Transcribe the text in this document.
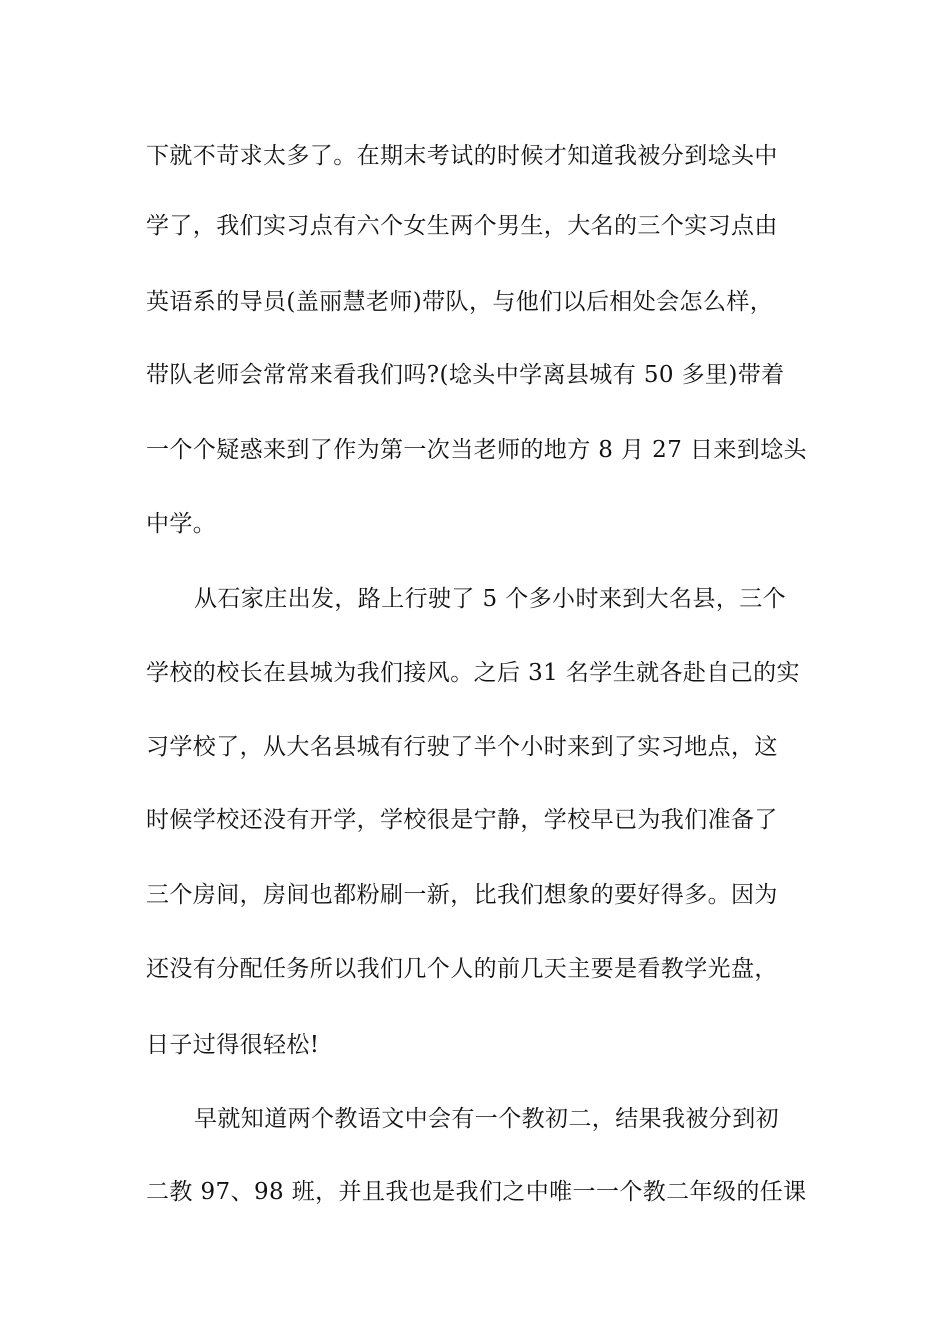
下就不苛求太多了。在期末考试的时候才知道我被分到埝头中
学了，我们实习点有六个女生两个男生，大名的三个实习点由
英语系的导员(盖丽慧老师)带队，与他们以后相处会怎么样，
带队老师会常常来看我们吗?(埝头中学离县城有 50 多里)带着
一个个疑惑来到了作为第一次当老师的地方 8 月 27 日来到埝头
中学。
从石家庄出发，路上行驶了 5 个多小时来到大名县，三个
学校的校长在县城为我们接风。之后 31 名学生就各赴自己的实
习学校了，从大名县城有行驶了半个小时来到了实习地点，这
时候学校还没有开学，学校很是宁静，学校早已为我们准备了
三个房间，房间也都粉刷一新，比我们想象的要好得多。因为
还没有分配任务所以我们几个人的前几天主要是看教学光盘，
日子过得很轻松!
早就知道两个教语文中会有一个教初二，结果我被分到初
二教 97、98 班，并且我也是我们之中唯一一个教二年级的任课
